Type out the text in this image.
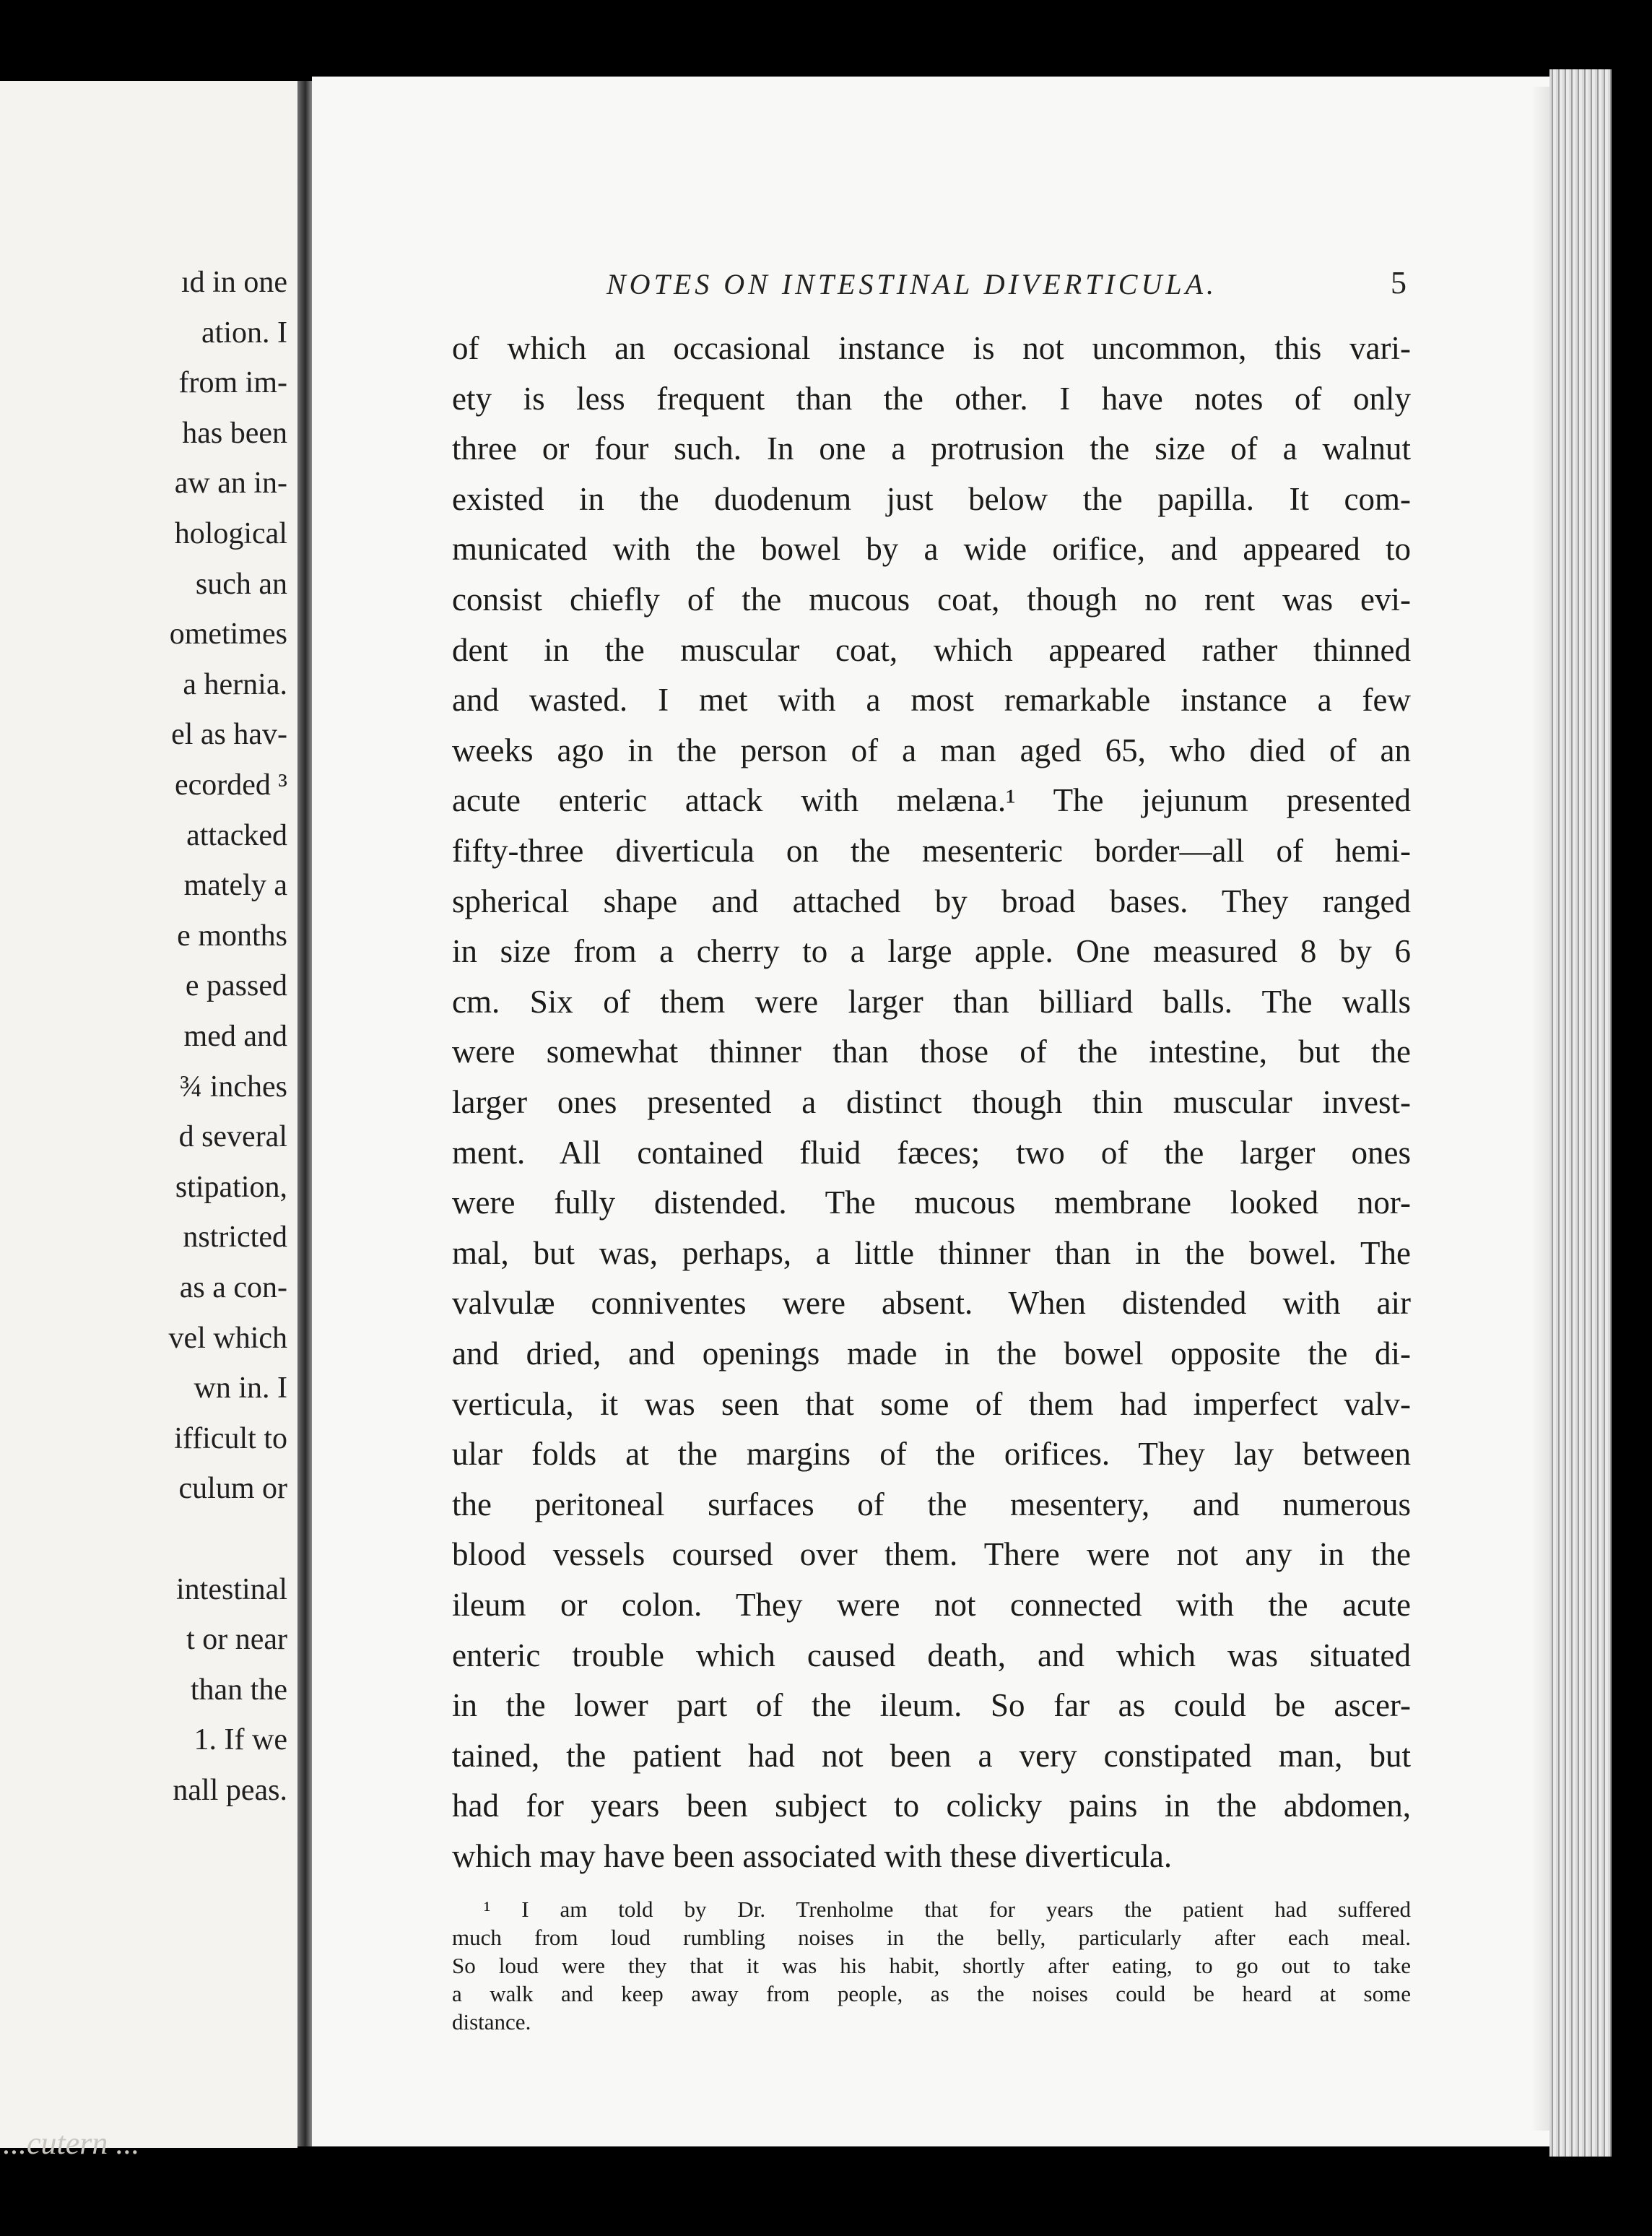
ıd in one
ation. I
from im-
has been
aw an in-
hological
such an
ometimes
a hernia.
el as hav-
ecorded ³
attacked
mately a
e months
e passed
med and
¾ inches
d several
stipation,
nstricted
as a con-
vel which
wn in. I
ifficult to
culum or
intestinal
t or near
than the
1. If we
nall peas.
...cutern ...
NOTES ON INTESTINAL DIVERTICULA.	5
of which an occasional instance is not uncommon, this vari-
ety is less frequent than the other. I have notes of only
three or four such. In one a protrusion the size of a walnut
existed in the duodenum just below the papilla. It com-
municated with the bowel by a wide orifice, and appeared to
consist chiefly of the mucous coat, though no rent was evi-
dent in the muscular coat, which appeared rather thinned
and wasted. I met with a most remarkable instance a few
weeks ago in the person of a man aged 65, who died of an
acute enteric attack with melæna.¹ The jejunum presented
fifty-three diverticula on the mesenteric border—all of hemi-
spherical shape and attached by broad bases. They ranged
in size from a cherry to a large apple. One measured 8 by 6
cm. Six of them were larger than billiard balls. The walls
were somewhat thinner than those of the intestine, but the
larger ones presented a distinct though thin muscular invest-
ment. All contained fluid fæces; two of the larger ones
were fully distended. The mucous membrane looked nor-
mal, but was, perhaps, a little thinner than in the bowel. The
valvulæ conniventes were absent. When distended with air
and dried, and openings made in the bowel opposite the di-
verticula, it was seen that some of them had imperfect valv-
ular folds at the margins of the orifices. They lay between
the peritoneal surfaces of the mesentery, and numerous
blood vessels coursed over them. There were not any in the
ileum or colon. They were not connected with the acute
enteric trouble which caused death, and which was situated
in the lower part of the ileum. So far as could be ascer-
tained, the patient had not been a very constipated man, but
had for years been subject to colicky pains in the abdomen,
which may have been associated with these diverticula.
¹ I am told by Dr. Trenholme that for years the patient had suffered
much from loud rumbling noises in the belly, particularly after each meal.
So loud were they that it was his habit, shortly after eating, to go out to take
a walk and keep away from people, as the noises could be heard at some
distance.
